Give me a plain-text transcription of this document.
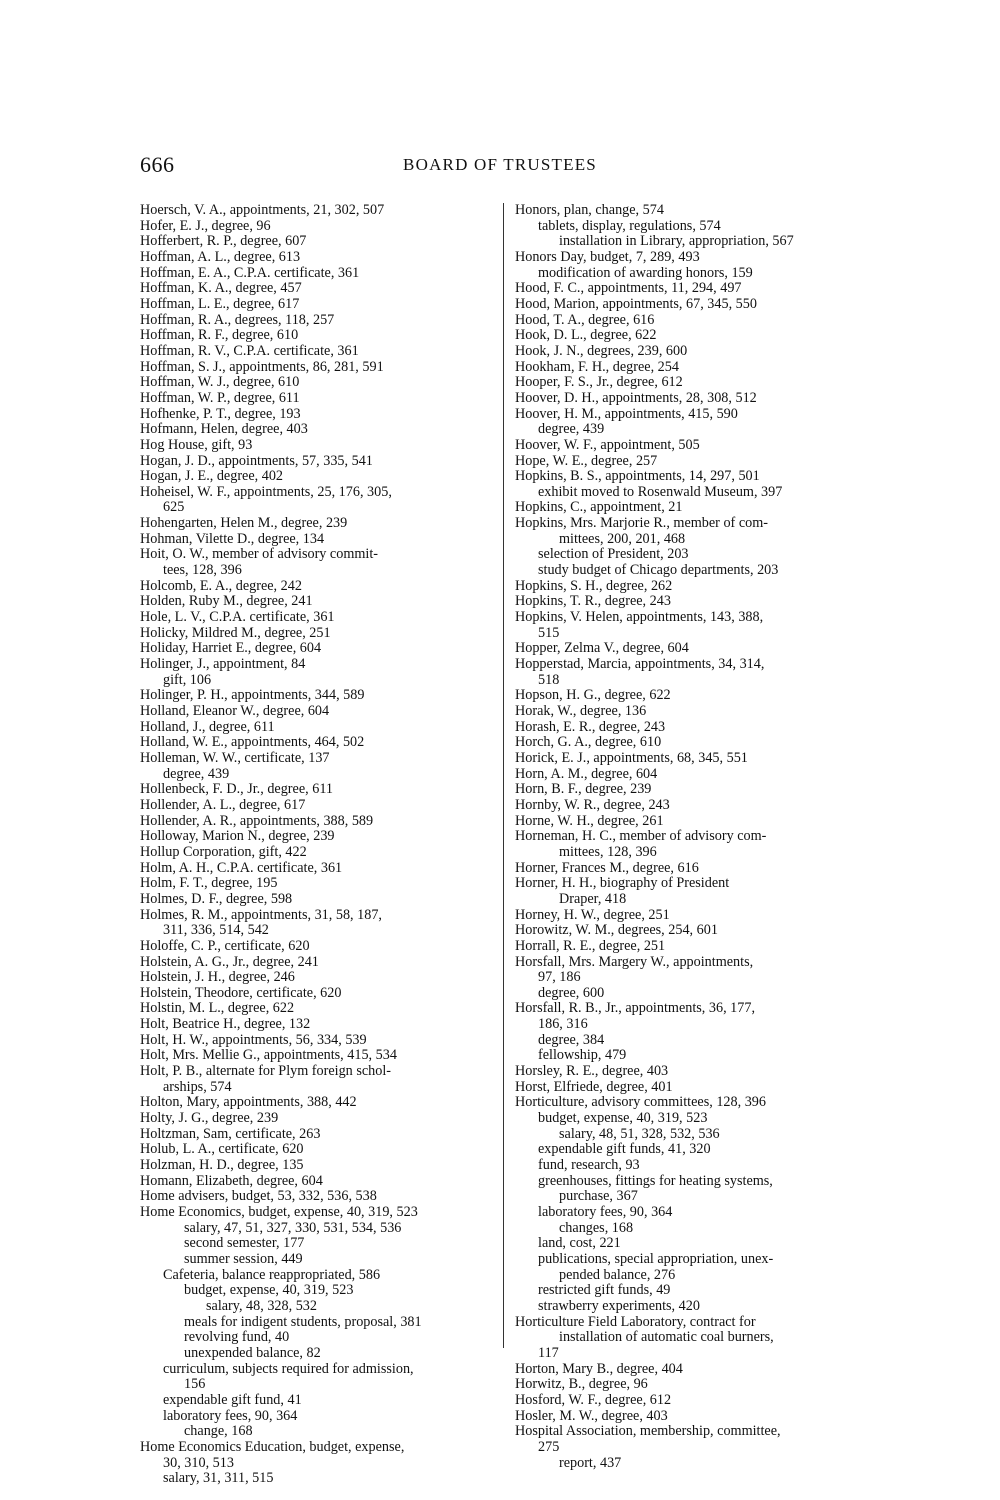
666	BOARD OF TRUSTEES
Hoersch, V. A., appointments, 21, 302, 507
Hofer, E. J., degree, 96
Hofferbert, R. P., degree, 607
Hoffman, A. L., degree, 613
Hoffman, E. A., C.P.A. certificate, 361
Hoffman, K. A., degree, 457
Hoffman, L. E., degree, 617
Hoffman, R. A., degrees, 118, 257
Hoffman, R. F., degree, 610
Hoffman, R. V., C.P.A. certificate, 361
Hoffman, S. J., appointments, 86, 281, 591
Hoffman, W. J., degree, 610
Hoffman, W. P., degree, 611
Hofhenke, P. T., degree, 193
Hofmann, Helen, degree, 403
Hog House, gift, 93
Hogan, J. D., appointments, 57, 335, 541
Hogan, J. E., degree, 402
Hoheisel, W. F., appointments, 25, 176, 305,
625
Hohengarten, Helen M., degree, 239
Hohman, Vilette D., degree, 134
Hoit, O. W., member of advisory commit-
tees, 128, 396
Holcomb, E. A., degree, 242
Holden, Ruby M., degree, 241
Hole, L. V., C.P.A. certificate, 361
Holicky, Mildred M., degree, 251
Holiday, Harriet E., degree, 604
Holinger, J., appointment, 84
gift, 106
Holinger, P. H., appointments, 344, 589
Holland, Eleanor W., degree, 604
Holland, J., degree, 611
Holland, W. E., appointments, 464, 502
Holleman, W. W., certificate, 137
degree, 439
Hollenbeck, F. D., Jr., degree, 611
Hollender, A. L., degree, 617
Hollender, A. R., appointments, 388, 589
Holloway, Marion N., degree, 239
Hollup Corporation, gift, 422
Holm, A. H., C.P.A. certificate, 361
Holm, F. T., degree, 195
Holmes, D. F., degree, 598
Holmes, R. M., appointments, 31, 58, 187,
311, 336, 514, 542
Holoffe, C. P., certificate, 620
Holstein, A. G., Jr., degree, 241
Holstein, J. H., degree, 246
Holstein, Theodore, certificate, 620
Holstin, M. L., degree, 622
Holt, Beatrice H., degree, 132
Holt, H. W., appointments, 56, 334, 539
Holt, Mrs. Mellie G., appointments, 415, 534
Holt, P. B., alternate for Plym foreign schol-
arships, 574
Holton, Mary, appointments, 388, 442
Holty, J. G., degree, 239
Holtzman, Sam, certificate, 263
Holub, L. A., certificate, 620
Holzman, H. D., degree, 135
Homann, Elizabeth, degree, 604
Home advisers, budget, 53, 332, 536, 538
Home Economics, budget, expense, 40, 319, 523
salary, 47, 51, 327, 330, 531, 534, 536
second semester, 177
summer session, 449
Cafeteria, balance reappropriated, 586
budget, expense, 40, 319, 523
salary, 48, 328, 532
meals for indigent students, proposal, 381
revolving fund, 40
unexpended balance, 82
curriculum, subjects required for admission,
156
expendable gift fund, 41
laboratory fees, 90, 364
change, 168
Home Economics Education, budget, expense,
30, 310, 513
salary, 31, 311, 515
Honors, plan, change, 574
tablets, display, regulations, 574
installation in Library, appropriation, 567
Honors Day, budget, 7, 289, 493
modification of awarding honors, 159
Hood, F. C., appointments, 11, 294, 497
Hood, Marion, appointments, 67, 345, 550
Hood, T. A., degree, 616
Hook, D. L., degree, 622
Hook, J. N., degrees, 239, 600
Hookham, F. H., degree, 254
Hooper, F. S., Jr., degree, 612
Hoover, D. H., appointments, 28, 308, 512
Hoover, H. M., appointments, 415, 590
degree, 439
Hoover, W. F., appointment, 505
Hope, W. E., degree, 257
Hopkins, B. S., appointments, 14, 297, 501
exhibit moved to Rosenwald Museum, 397
Hopkins, C., appointment, 21
Hopkins, Mrs. Marjorie R., member of com-
mittees, 200, 201, 468
selection of President, 203
study budget of Chicago departments, 203
Hopkins, S. H., degree, 262
Hopkins, T. R., degree, 243
Hopkins, V. Helen, appointments, 143, 388,
515
Hopper, Zelma V., degree, 604
Hopperstad, Marcia, appointments, 34, 314,
518
Hopson, H. G., degree, 622
Horak, W., degree, 136
Horash, E. R., degree, 243
Horch, G. A., degree, 610
Horick, E. J., appointments, 68, 345, 551
Horn, A. M., degree, 604
Horn, B. F., degree, 239
Hornby, W. R., degree, 243
Horne, W. H., degree, 261
Horneman, H. C., member of advisory com-
mittees, 128, 396
Horner, Frances M., degree, 616
Horner, H. H., biography of President
Draper, 418
Horney, H. W., degree, 251
Horowitz, W. M., degrees, 254, 601
Horrall, R. E., degree, 251
Horsfall, Mrs. Margery W., appointments,
97, 186
degree, 600
Horsfall, R. B., Jr., appointments, 36, 177,
186, 316
degree, 384
fellowship, 479
Horsley, R. E., degree, 403
Horst, Elfriede, degree, 401
Horticulture, advisory committees, 128, 396
budget, expense, 40, 319, 523
salary, 48, 51, 328, 532, 536
expendable gift funds, 41, 320
fund, research, 93
greenhouses, fittings for heating systems,
purchase, 367
laboratory fees, 90, 364
changes, 168
land, cost, 221
publications, special appropriation, unex-
pended balance, 276
restricted gift funds, 49
strawberry experiments, 420
Horticulture Field Laboratory, contract for
installation of automatic coal burners,
117
Horton, Mary B., degree, 404
Horwitz, B., degree, 96
Hosford, W. F., degree, 612
Hosler, M. W., degree, 403
Hospital Association, membership, committee,
275
report, 437
